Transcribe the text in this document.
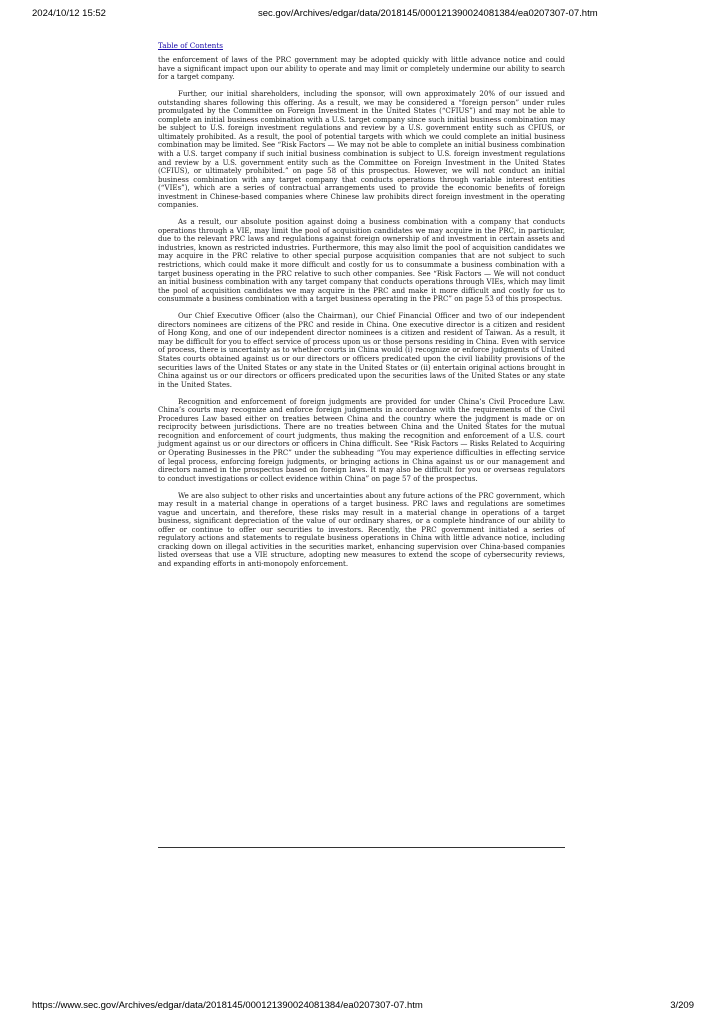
2024/10/12 15:52	sec.gov/Archives/edgar/data/2018145/000121390024081384/ea0207307-07.htm
Table of Contents

the enforcement of laws of the PRC government may be adopted quickly with little advance notice and could have a significant impact upon our ability to operate and may limit or completely undermine our ability to search for a target company.

Further, our initial shareholders, including the sponsor, will own approximately 20% of our issued and outstanding shares following this offering. As a result, we may be considered a “foreign person” under rules promulgated by the Committee on Foreign Investment in the United States (“CFIUS”) and may not be able to complete an initial business combination with a U.S. target company since such initial business combination may be subject to U.S. foreign investment regulations and review by a U.S. government entity such as CFIUS, or ultimately prohibited. As a result, the pool of potential targets with which we could complete an initial business combination may be limited. See “Risk Factors — We may not be able to complete an initial business combination with a U.S. target company if such initial business combination is subject to U.S. foreign investment regulations and review by a U.S. government entity such as the Committee on Foreign Investment in the United States (CFIUS), or ultimately prohibited.” on page 58 of this prospectus. However, we will not conduct an initial business combination with any target company that conducts operations through variable interest entities (“VIEs”), which are a series of contractual arrangements used to provide the economic benefits of foreign investment in Chinese-based companies where Chinese law prohibits direct foreign investment in the operating companies.

As a result, our absolute position against doing a business combination with a company that conducts operations through a VIE, may limit the pool of acquisition candidates we may acquire in the PRC, in particular, due to the relevant PRC laws and regulations against foreign ownership of and investment in certain assets and industries, known as restricted industries. Furthermore, this may also limit the pool of acquisition candidates we may acquire in the PRC relative to other special purpose acquisition companies that are not subject to such restrictions, which could make it more difficult and costly for us to consummate a business combination with a target business operating in the PRC relative to such other companies. See “Risk Factors — We will not conduct an initial business combination with any target company that conducts operations through VIEs, which may limit the pool of acquisition candidates we may acquire in the PRC and make it more difficult and costly for us to consummate a business combination with a target business operating in the PRC” on page 53 of this prospectus.

Our Chief Executive Officer (also the Chairman), our Chief Financial Officer and two of our independent directors nominees are citizens of the PRC and reside in China. One executive director is a citizen and resident of Hong Kong, and one of our independent director nominees is a citizen and resident of Taiwan. As a result, it may be difficult for you to effect service of process upon us or those persons residing in China. Even with service of process, there is uncertainty as to whether courts in China would (i) recognize or enforce judgments of United States courts obtained against us or our directors or officers predicated upon the civil liability provisions of the securities laws of the United States or any state in the United States or (ii) entertain original actions brought in China against us or our directors or officers predicated upon the securities laws of the United States or any state in the United States.

Recognition and enforcement of foreign judgments are provided for under China’s Civil Procedure Law. China’s courts may recognize and enforce foreign judgments in accordance with the requirements of the Civil Procedures Law based either on treaties between China and the country where the judgment is made or on reciprocity between jurisdictions. There are no treaties between China and the United States for the mutual recognition and enforcement of court judgments, thus making the recognition and enforcement of a U.S. court judgment against us or our directors or officers in China difficult. See “Risk Factors — Risks Related to Acquiring or Operating Businesses in the PRC” under the subheading “You may experience difficulties in effecting service of legal process, enforcing foreign judgments, or bringing actions in China against us or our management and directors named in the prospectus based on foreign laws. It may also be difficult for you or overseas regulators to conduct investigations or collect evidence within China” on page 57 of the prospectus.

We are also subject to other risks and uncertainties about any future actions of the PRC government, which may result in a material change in operations of a target business. PRC laws and regulations are sometimes vague and uncertain, and therefore, these risks may result in a material change in operations of a target business, significant depreciation of the value of our ordinary shares, or a complete hindrance of our ability to offer or continue to offer our securities to investors. Recently, the PRC government initiated a series of regulatory actions and statements to regulate business operations in China with little advance notice, including cracking down on illegal activities in the securities market, enhancing supervision over China-based companies listed overseas that use a VIE structure, adopting new measures to extend the scope of cybersecurity reviews, and expanding efforts in anti-monopoly enforcement.

https://www.sec.gov/Archives/edgar/data/2018145/000121390024081384/ea0207307-07.htm	3/209
